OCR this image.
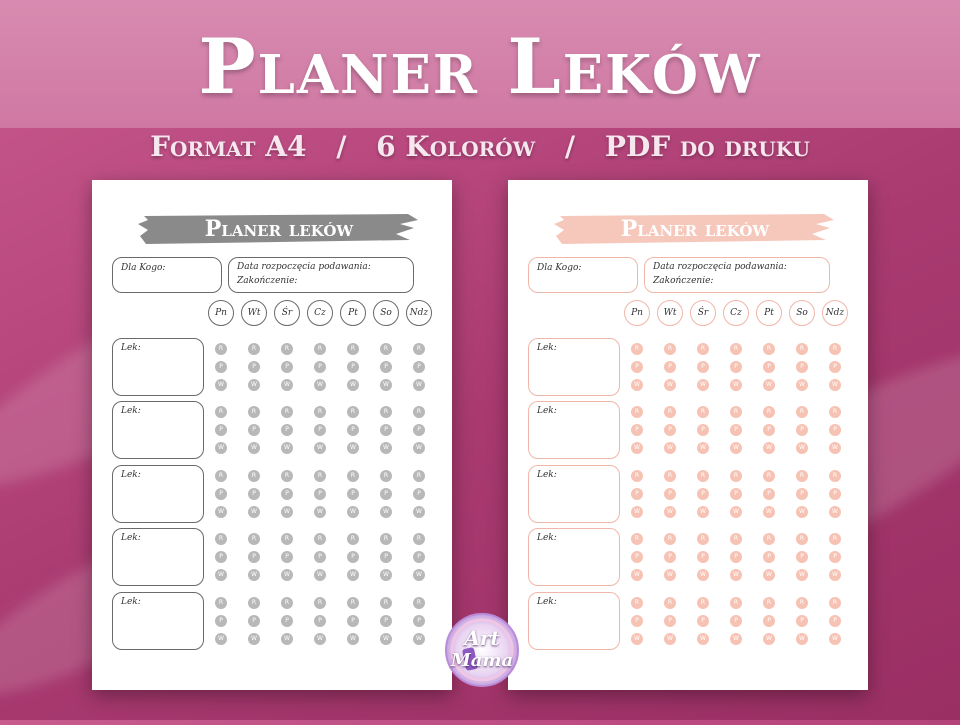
Planer Leków
Format A4 / 6 Kolorów / PDF do druku
Planer leków
Dla Kogo:	Data rozpoczęcia podawania:
Zakończenie:
Pn	Wt	Śr	Cz	Pt	So	Ndz
Lek:	R	R	R	R	R	R	R
P	P	P	P	P	P	P
W	W	W	W	W	W	W
Lek:	R	R	R	R	R	R	R
P	P	P	P	P	P	P
W	W	W	W	W	W	W
Lek:	R	R	R	R	R	R	R
P	P	P	P	P	P	P
W	W	W	W	W	W	W
Lek:	R	R	R	R	R	R	R
P	P	P	P	P	P	P
W	W	W	W	W	W	W
Lek:	R	R	R	R	R	R	R
P	P	P	P	P	P	P
W	W	W	W	W	W	W
Planer leków
Dla Kogo:	Data rozpoczęcia podawania:
Zakończenie:
Pn	Wt	Śr	Cz	Pt	So	Ndz
Lek:	R	R	R	R	R	R	R
P	P	P	P	P	P	P
W	W	W	W	W	W	W
Lek:	R	R	R	R	R	R	R
P	P	P	P	P	P	P
W	W	W	W	W	W	W
Lek:	R	R	R	R	R	R	R
P	P	P	P	P	P	P
W	W	W	W	W	W	W
Lek:	R	R	R	R	R	R	R
P	P	P	P	P	P	P
W	W	W	W	W	W	W
Lek:	R	R	R	R	R	R	R
P	P	P	P	P	P	P
W	W	W	W	W	W	W
Art
Mama
